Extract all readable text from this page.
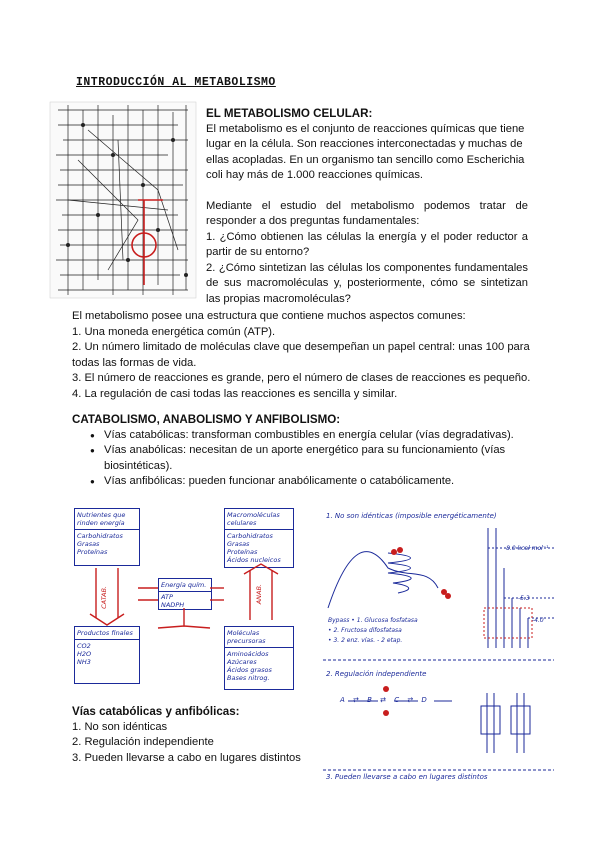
INTRODUCCIÓN AL METABOLISMO

EL METABOLISMO CELULAR:

El metabolismo es el conjunto de reacciones químicas que tiene lugar en la célula. Son reacciones interconectadas y muchas de ellas acopladas. En un organismo tan sencillo como Escherichia coli hay más de 1.000 reacciones químicas.

Mediante el estudio del metabolismo podemos tratar de responder a dos preguntas fundamentales:

1. ¿Cómo obtienen las células la energía y el poder reductor a partir de su entorno?

2. ¿Cómo sintetizan las células los componentes fundamentales de sus macromoléculas y, posteriormente, cómo se sintetizan las propias macromoléculas?

El metabolismo posee una estructura que contiene muchos aspectos comunes:

1. Una moneda energética común (ATP).

2. Un número limitado de moléculas clave que desempeñan un papel central: unas 100 para todas las formas de vida.

3. El número de reacciones es grande, pero el número de clases de reacciones es pequeño.

4. La regulación de casi todas las reacciones es sencilla y similar.

CATABOLISMO, ANABOLISMO Y ANFIBOLISMO:

● Vías catabólicas: transforman combustibles en energía celular (vías degradativas).
● Vías anabólicas: necesitan de un aporte energético para su funcionamiento (vías biosintéticas).
● Vías anfibólicas: pueden funcionar anabólicamente o catabólicamente.
Nutrientes que rinden energía
Carbohidratos
Grasas
Proteínas
Macromoléculas celulares
Carbohidratos
Grasas
Proteínas
Ácidos nucleicos
Energía quím.
ATP
NADPH
Productos finales
CO2
H2O
NH3
Moléculas precursoras
Aminoácidos
Azúcares
Ácidos grasos
Bases nitrog.
CATAB.	ANAB.
1. No son idénticas (imposible energéticamente)
-8.0 kcal·mol⁻¹
-5.3
-4.0
Bypass • 1. Glucosa fosfatasa
• 2. Fructosa difosfatasa
• 3. 2 enz. vías. - 2 etap.
2. Regulación independiente
A ⇄ B ⇄ C ⇄ D
3. Pueden llevarse a cabo en lugares distintos

Vías catabólicas y anfibólicas:

1. No son idénticas

2. Regulación independiente

3. Pueden llevarse a cabo en lugares distintos
